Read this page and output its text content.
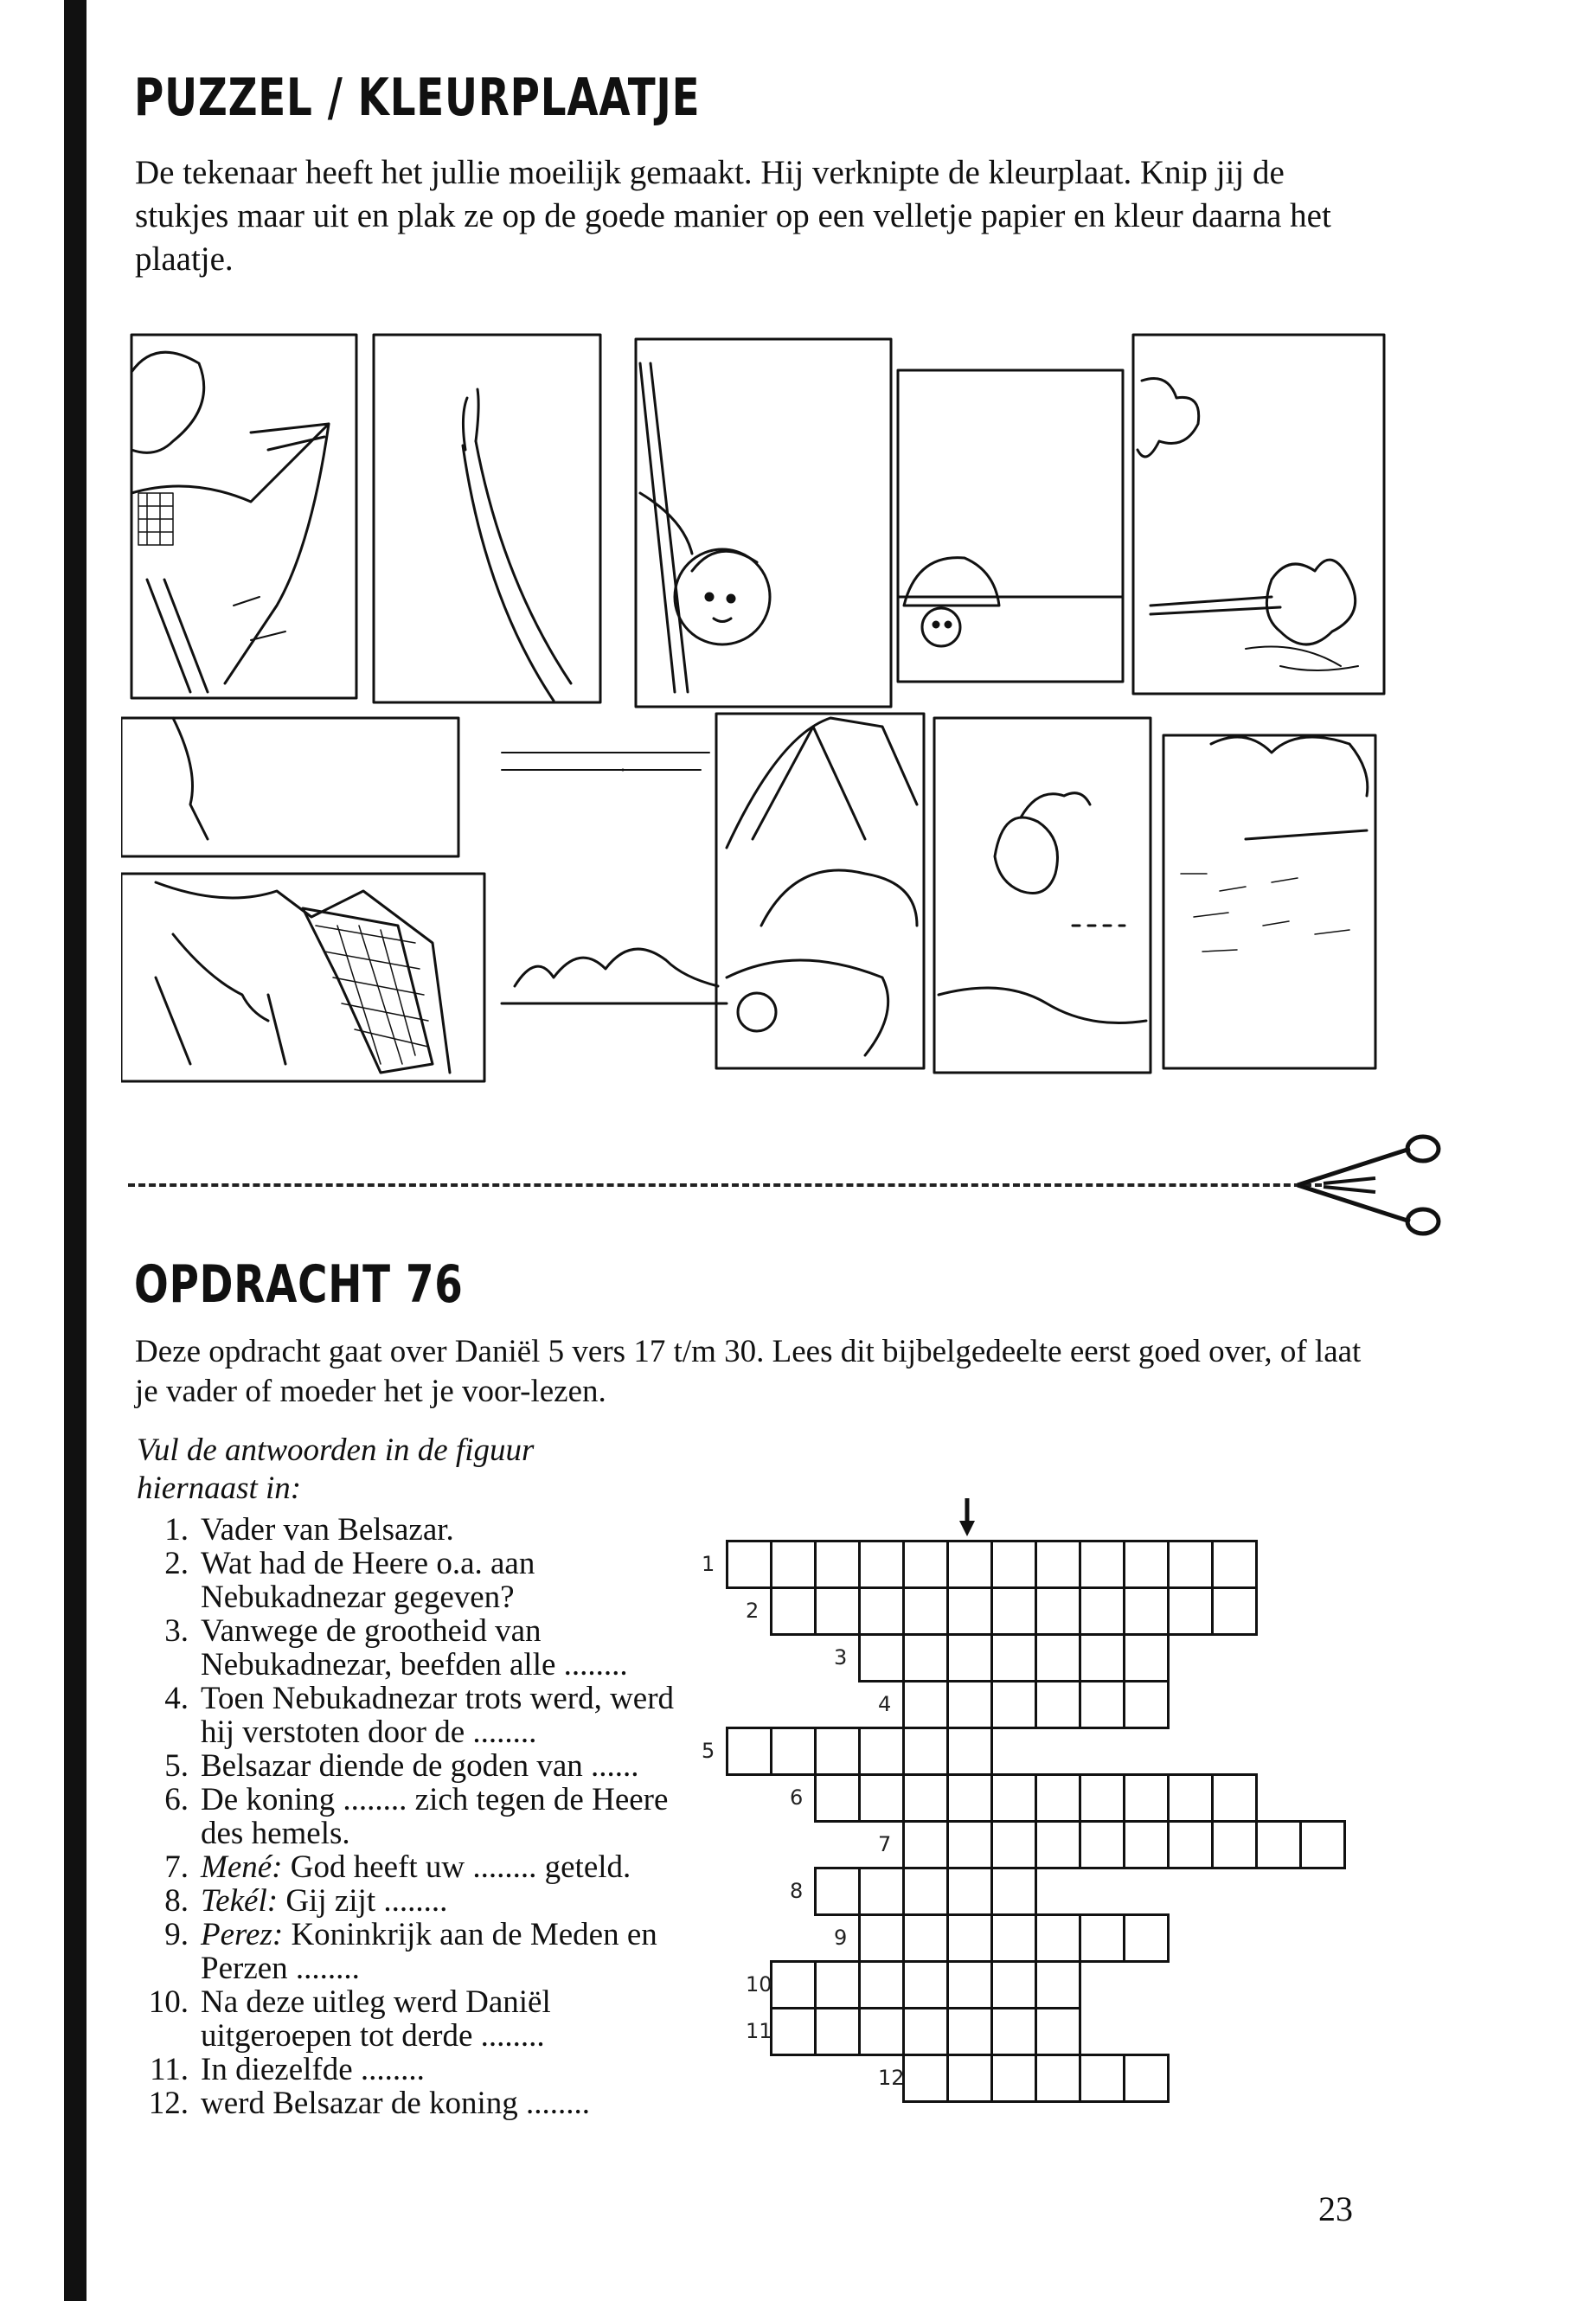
PUZZEL / KLEURPLAATJE

De tekenaar heeft het jullie moeilijk gemaakt. Hij verknipte de kleurplaat. Knip jij de stukjes maar uit en plak ze op de goede manier op een velletje papier en kleur daarna het plaatje.

OPDRACHT 76

Deze opdracht gaat over Daniël 5 vers 17 t/m 30. Lees dit bijbelgedeelte eerst goed over, of laat je vader of moeder het je voor-lezen.

Vul de antwoorden in de figuur hiernaast in:

1. Vader van Belsazar.
2. Wat had de Heere o.a. aan Nebukadnezar gegeven?
3. Vanwege de grootheid van Nebukadnezar, beefden alle ........
4. Toen Nebukadnezar trots werd, werd hij verstoten door de ........
5. Belsazar diende de goden van ......
6. De koning ........ zich tegen de Heere des hemels.
7. Mené: God heeft uw ........ geteld.
8. Tekél: Gij zijt ........
9. Perez: Koninkrijk aan de Meden en Perzen ........
10. Na deze uitleg werd Daniël uitgeroepen tot derde ........
11. In diezelfde ........
12. werd Belsazar de koning ........
1
2
3
4
5
6
7
8
9
10
11
12
23
